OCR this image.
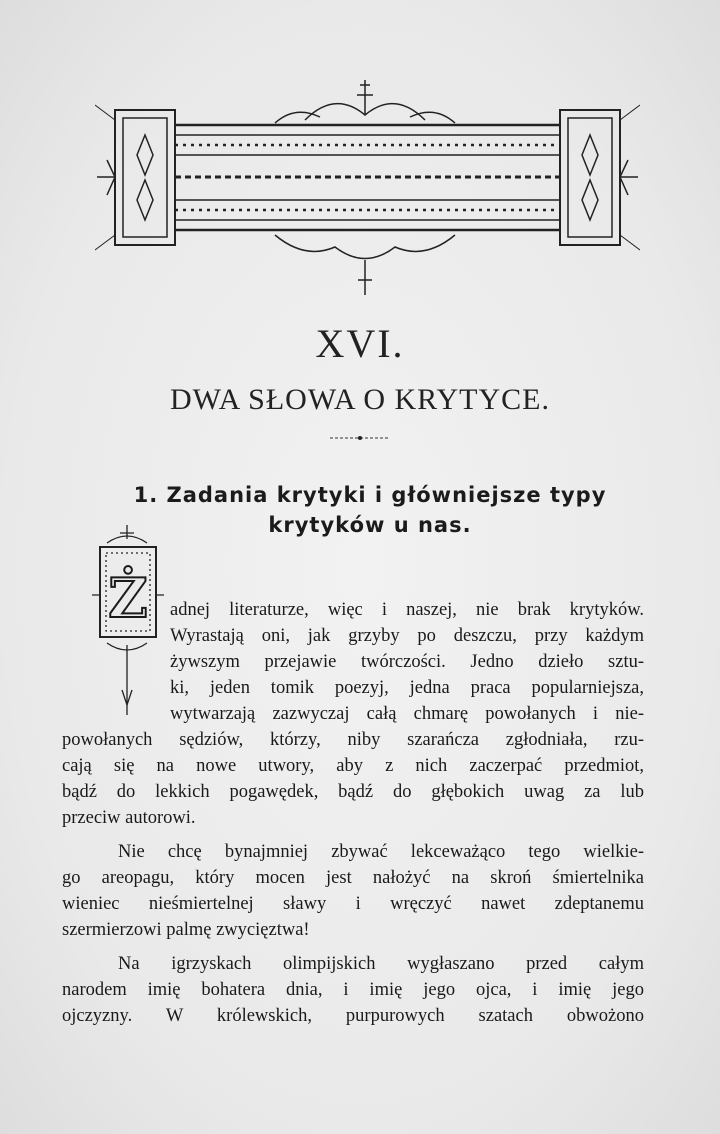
XVI.
DWA SŁOWA O KRYTYCE.
1. Zadania krytyki i główniejsze typy
krytyków u nas.
Ż adnej literaturze, więc i naszej, nie brak krytyków.
Wyrastają oni, jak grzyby po deszczu, przy każdym
żywszym przejawie twórczości. Jedno dzieło sztu-
ki, jeden tomik poezyj, jedna praca popularniejsza,
wytwarzają zazwyczaj całą chmarę powołanych i nie-
powołanych sędziów, którzy, niby szarańcza zgłodniała, rzu-
cają się na nowe utwory, aby z nich zaczerpać przedmiot,
bądź do lekkich pogawędek, bądź do głębokich uwag za lub
przeciw autorowi.
Nie chcę bynajmniej zbywać lekceważąco tego wielkie-
go areopagu, który mocen jest nałożyć na skroń śmiertelnika
wieniec nieśmiertelnej sławy i wręczyć nawet zdeptanemu
szermierzowi palmę zwycięztwa!
Na igrzyskach olimpijskich wygłaszano przed całym
narodem imię bohatera dnia, i imię jego ojca, i imię jego
ojczyzny. W królewskich, purpurowych szatach obwożono
